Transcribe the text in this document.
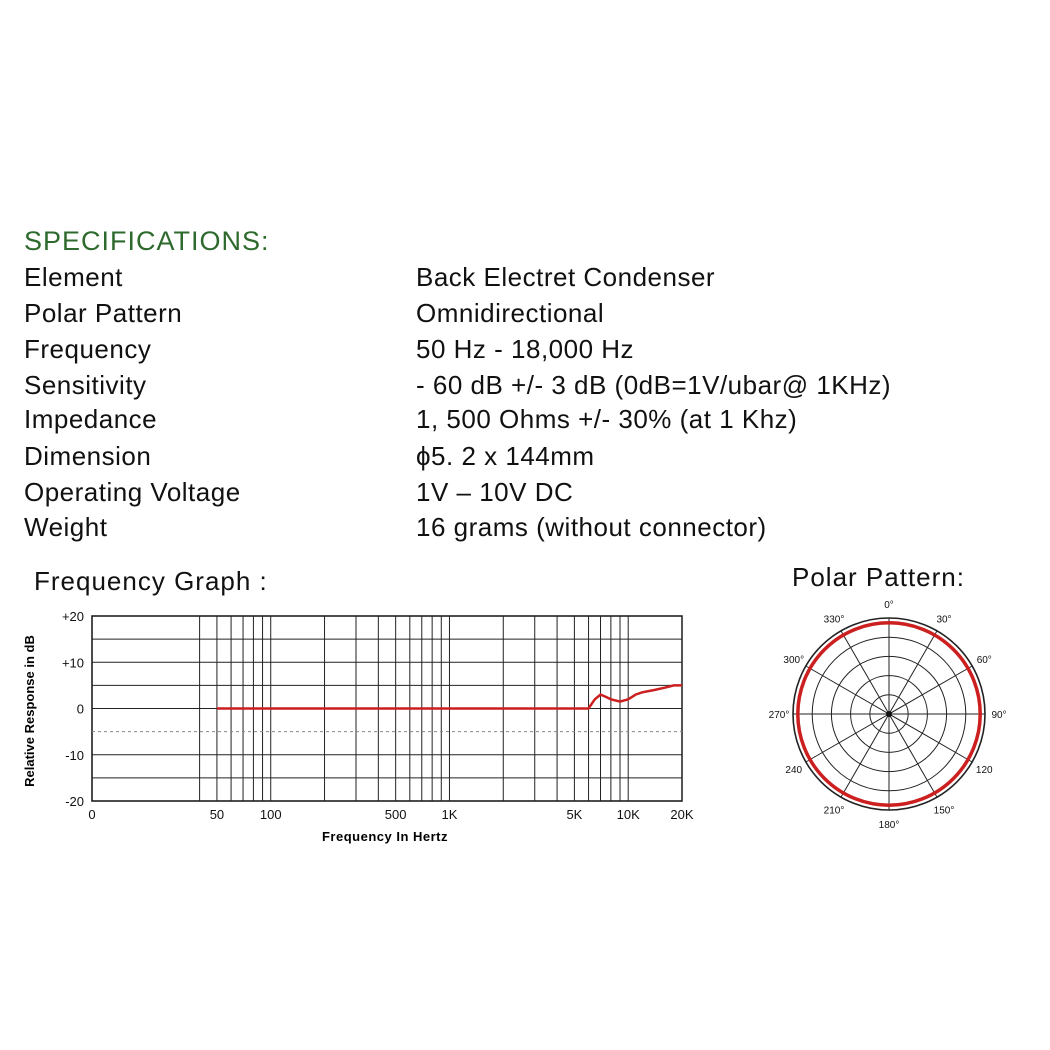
SPECIFICATIONS:
Element	Back Electret Condenser
Polar Pattern	Omnidirectional
Frequency	50 Hz - 18,000 Hz
Sensitivity	- 60 dB +/- 3 dB (0dB=1V/ubar@ 1KHz)
Impedance	1, 500 Ohms +/- 30% (at 1 Khz)
Dimension	ϕ5. 2 x 144mm
Operating Voltage	1V – 10V DC
Weight	16 grams (without connector)
Frequency Graph :	Polar Pattern:
0	50	100	500	1K	5K	10K 20K
+20
+10
0
-10
-20
Frequency In Hertz
Relative Response in dB
0°
30°
60°
90°
120
150°
180°
210°
240
270°
300°
330°
